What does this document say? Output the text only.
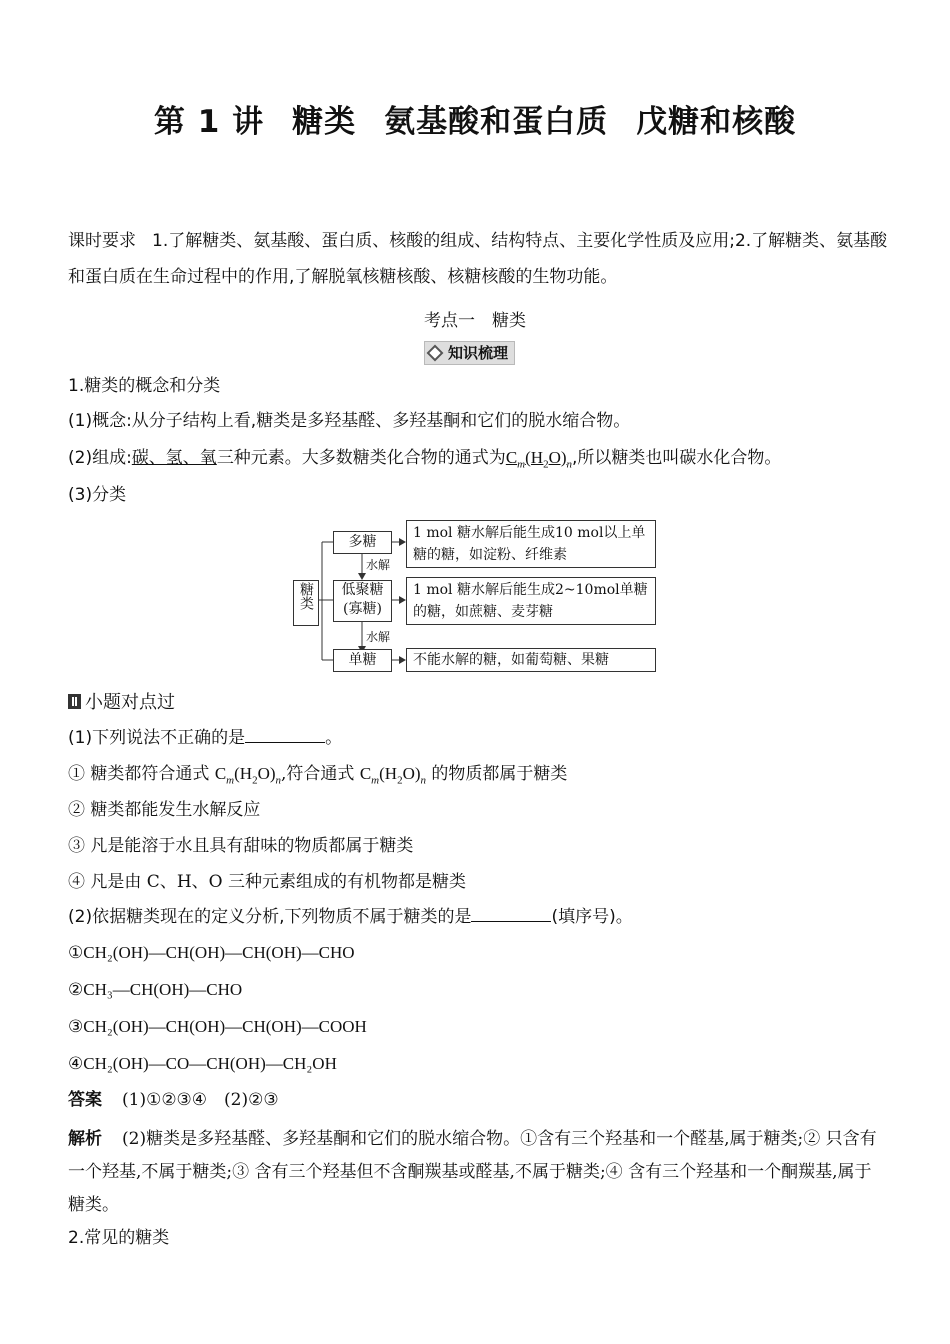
第 1 讲 糖类 氨基酸和蛋白质 戊糖和核酸
课时要求 1.了解糖类、氨基酸、蛋白质、核酸的组成、结构特点、主要化学性质及应用;2.了解糖类、氨基酸和蛋白质在生命过程中的作用,了解脱氧核糖核酸、核糖核酸的生物功能。
考点一　糖类
知识梳理
1.糖类的概念和分类
(1)概念:从分子结构上看,糖类是多羟基醛、多羟基酮和它们的脱水缩合物。
(2)组成:碳、氢、氧三种元素。大多数糖类化合物的通式为$C_m(H_2O)_n$,所以糖类也叫碳水化合物。
(3)分类
糖类
多糖
水解
低聚糖
(寡糖)
水解
单糖
1 mol 糖水解后能生成10 mol以上单糖的糖，如淀粉、纤维素
1 mol 糖水解后能生成2~10mol单糖的糖，如蔗糖、麦芽糖
不能水解的糖，如葡萄糖、果糖
小题对点过
(1)下列说法不正确的是	。
① 糖类都符合通式 $C_m(H_2O)_n$,符合通式 $C_m(H_2O)_n$ 的物质都属于糖类
② 糖类都能发生水解反应
③ 凡是能溶于水且具有甜味的物质都属于糖类
④ 凡是由 C、H、O 三种元素组成的有机物都是糖类
(2)依据糖类现在的定义分析,下列物质不属于糖类的是	(填序号)。
①CH₂(OH)—CH(OH)—CH(OH)—CHO
②CH₃—CH(OH)—CHO
③CH₂(OH)—CH(OH)—CH(OH)—COOH
④CH₂(OH)—CO—CH(OH)—CH₂OH
答案 (1)①②③④　(2)②③
解析 (2)糖类是多羟基醛、多羟基酮和它们的脱水缩合物。①含有三个羟基和一个醛基,属于糖类;② 只含有一个羟基,不属于糖类;③ 含有三个羟基但不含酮羰基或醛基,不属于糖类;④ 含有三个羟基和一个酮羰基,属于糖类。
2.常见的糖类
